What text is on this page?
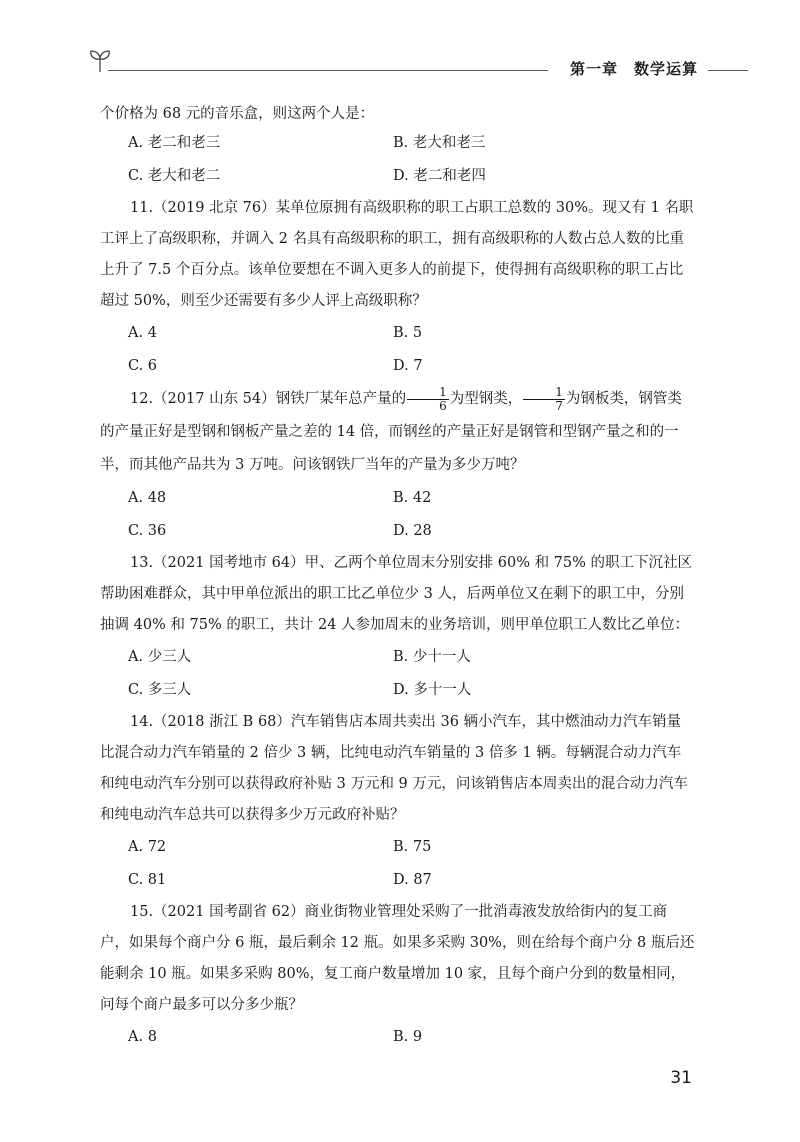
第一章　数学运算
个价格为 68 元的音乐盒，则这两个人是：
A. 老二和老三	B. 老大和老三
C. 老大和老二	D. 老二和老四
11.（2019 北京 76）某单位原拥有高级职称的职工占职工总数的 30%。现又有 1 名职工评上了高级职称，并调入 2 名具有高级职称的职工，拥有高级职称的人数占总人数的比重上升了 7.5 个百分点。该单位要想在不调入更多人的前提下，使得拥有高级职称的职工占比超过 50%，则至少还需要有多少人评上高级职称？
A. 4	B. 5
C. 6	D. 7
12.（2017 山东 54）钢铁厂某年总产量的 $\frac{1}{6}$ 为型钢类， $\frac{1}{7}$ 为钢板类，钢管类的产量正好是型钢和钢板产量之差的 14 倍，而钢丝的产量正好是钢管和型钢产量之和的一半，而其他产品共为 3 万吨。问该钢铁厂当年的产量为多少万吨？
A. 48	B. 42
C. 36	D. 28
13.（2021 国考地市 64）甲、乙两个单位周末分别安排 60% 和 75% 的职工下沉社区帮助困难群众，其中甲单位派出的职工比乙单位少 3 人，后两单位又在剩下的职工中，分别抽调 40% 和 75% 的职工，共计 24 人参加周末的业务培训，则甲单位职工人数比乙单位：
A. 少三人	B. 少十一人
C. 多三人	D. 多十一人
14.（2018 浙江 B 68）汽车销售店本周共卖出 36 辆小汽车，其中燃油动力汽车销量比混合动力汽车销量的 2 倍少 3 辆，比纯电动汽车销量的 3 倍多 1 辆。每辆混合动力汽车和纯电动汽车分别可以获得政府补贴 3 万元和 9 万元，问该销售店本周卖出的混合动力汽车和纯电动汽车总共可以获得多少万元政府补贴？
A. 72	B. 75
C. 81	D. 87
15.（2021 国考副省 62）商业街物业管理处采购了一批消毒液发放给街内的复工商户，如果每个商户分 6 瓶，最后剩余 12 瓶。如果多采购 30%，则在给每个商户分 8 瓶后还能剩余 10 瓶。如果多采购 80%，复工商户数量增加 10 家，且每个商户分到的数量相同，问每个商户最多可以分多少瓶？
A. 8	B. 9
31
